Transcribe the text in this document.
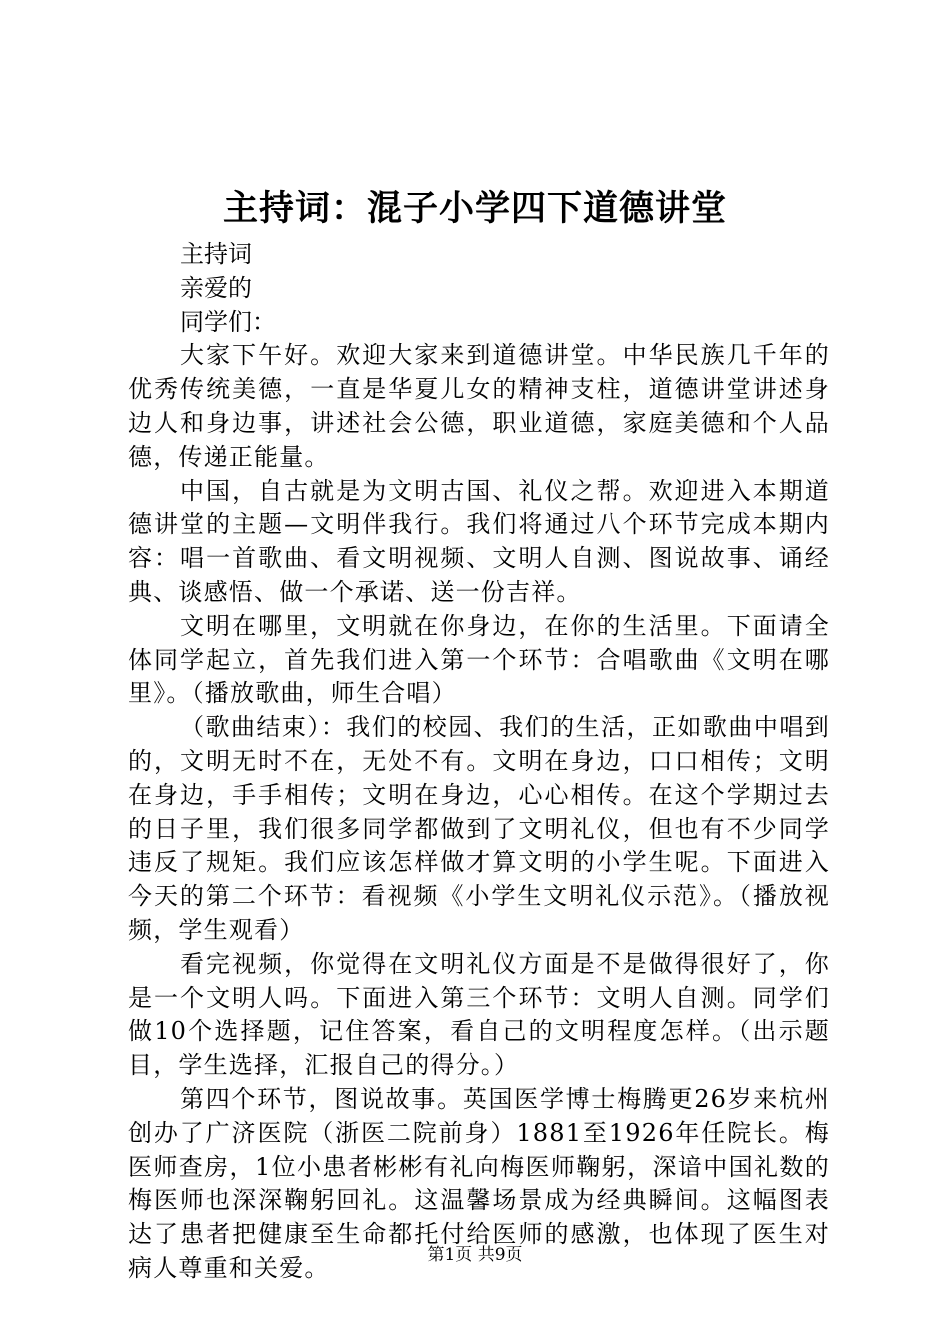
主持词：混子小学四下道德讲堂

主持词

亲爱的

同学们：

大家下午好。欢迎大家来到道德讲堂。中华民族几千年的优秀传统美德，一直是华夏儿女的精神支柱，道德讲堂讲述身边人和身边事，讲述社会公德，职业道德，家庭美德和个人品德，传递正能量。

中国，自古就是为文明古国、礼仪之帮。欢迎进入本期道德讲堂的主题—文明伴我行。我们将通过八个环节完成本期内容：唱一首歌曲、看文明视频、文明人自测、图说故事、诵经典、谈感悟、做一个承诺、送一份吉祥。

文明在哪里，文明就在你身边，在你的生活里。下面请全体同学起立，首先我们进入第一个环节：合唱歌曲《文明在哪里》。（播放歌曲，师生合唱）

（歌曲结束）：我们的校园、我们的生活，正如歌曲中唱到的，文明无时不在，无处不有。文明在身边，口口相传；文明在身边，手手相传；文明在身边，心心相传。在这个学期过去的日子里，我们很多同学都做到了文明礼仪，但也有不少同学违反了规矩。我们应该怎样做才算文明的小学生呢。下面进入今天的第二个环节：看视频《小学生文明礼仪示范》。（播放视频，学生观看）

看完视频，你觉得在文明礼仪方面是不是做得很好了，你是一个文明人吗。下面进入第三个环节：文明人自测。同学们做10个选择题，记住答案，看自己的文明程度怎样。（出示题目，学生选择，汇报自己的得分。）

第四个环节，图说故事。英国医学博士梅腾更26岁来杭州创办了广济医院（浙医二院前身）1881至1926年任院长。梅医师查房，1位小患者彬彬有礼向梅医师鞠躬，深谙中国礼数的梅医师也深深鞠躬回礼。这温馨场景成为经典瞬间。这幅图表达了患者把健康至生命都托付给医师的感激，也体现了医生对病人尊重和关爱。	第1页 共9页
